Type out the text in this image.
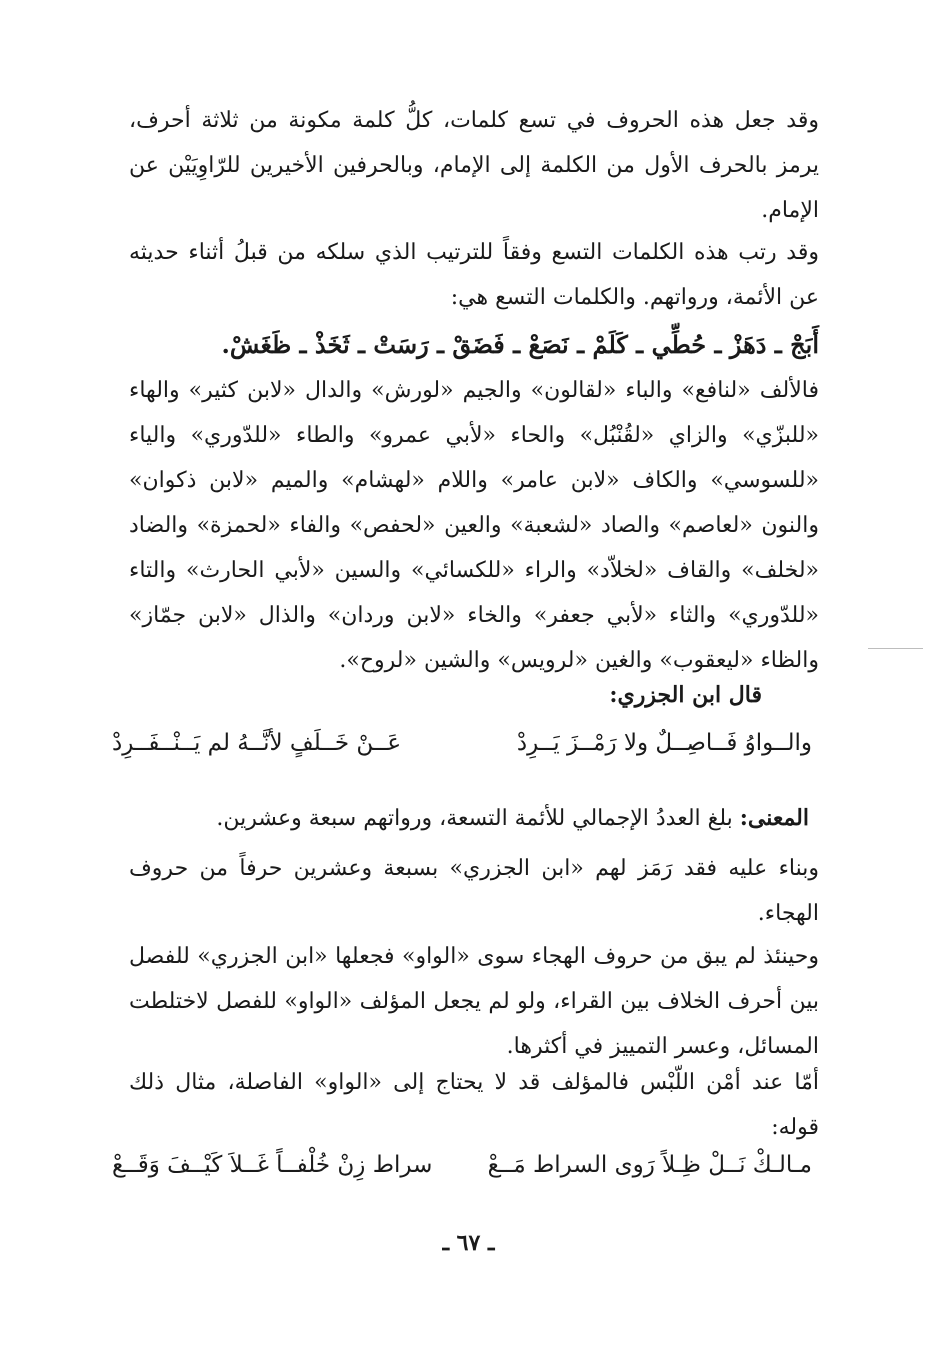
وقد جعل هذه الحروف في تسع كلمات، كلُّ كلمة مكونة من ثلاثة أحرف، يرمز بالحرف الأول من الكلمة إلى الإمام، وبالحرفين الأخيرين للرّاوِيَيْن عن الإمام.

وقد رتب هذه الكلمات التسع وفقاً للترتيب الذي سلكه من قبلُ أثناء حديثه عن الأئمة، ورواتهم. والكلمات التسع هي:

أَبَجْ ـ دَهَزْ ـ حُطِّي ـ كَلَمْ ـ نَصَعْ ـ فَضَقْ ـ رَسَتْ ـ ثَخَذْ ـ ظَغَشْ.

فالألف «لنافع» والباء «لقالون» والجيم «لورش» والدال «لابن كثير» والهاء «للبزّي» والزاي «لقُنْبُل» والحاء «لأبي عمرو» والطاء «للدّوري» والياء «للسوسي» والكاف «لابن عامر» واللام «لهشام» والميم «لابن ذكوان» والنون «لعاصم» والصاد «لشعبة» والعين «لحفص» والفاء «لحمزة» والضاد «لخلف» والقاف «لخلاّد» والراء «للكسائي» والسين «لأبي الحارث» والتاء «للدّوري» والثاء «لأبي جعفر» والخاء «لابن وردان» والذال «لابن جمّاز» والظاء «ليعقوب» والغين «لرويس» والشين «لروح».

قال ابن الجزري:

والــواوُ فَــاصِــلٌ ولا رَمْــزَ يَــرِدْ
عَــنْ خَــلَفٍ لأنَّــهُ لم يَــنْــفَــرِدْ

المعنى: بلغ العددُ الإجمالي للأئمة التسعة، ورواتهم سبعة وعشرين.

وبناء عليه فقد رَمَز لهم «ابن الجزري» بسبعة وعشرين حرفاً من حروف الهجاء.

وحينئذ لم يبق من حروف الهجاء سوى «الواو» فجعلها «ابن الجزري» للفصل بين أحرف الخلاف بين القراء، ولو لم يجعل المؤلف «الواو» للفصل لاختلطت المسائل، وعسر التمييز في أكثرها.

أمّا عند أمْن اللّبْس فالمؤلف قد لا يحتاج إلى «الواو» الفاصلة، مثال ذلك قوله:

مـالـكْ نَــلْ ظِـلاً رَوى السراط مَــعْ
سراط زِنْ خُلْفــاً غَــلاَ كَيْــفَ وَقَــعْ
ـ ٦٧ ـ
